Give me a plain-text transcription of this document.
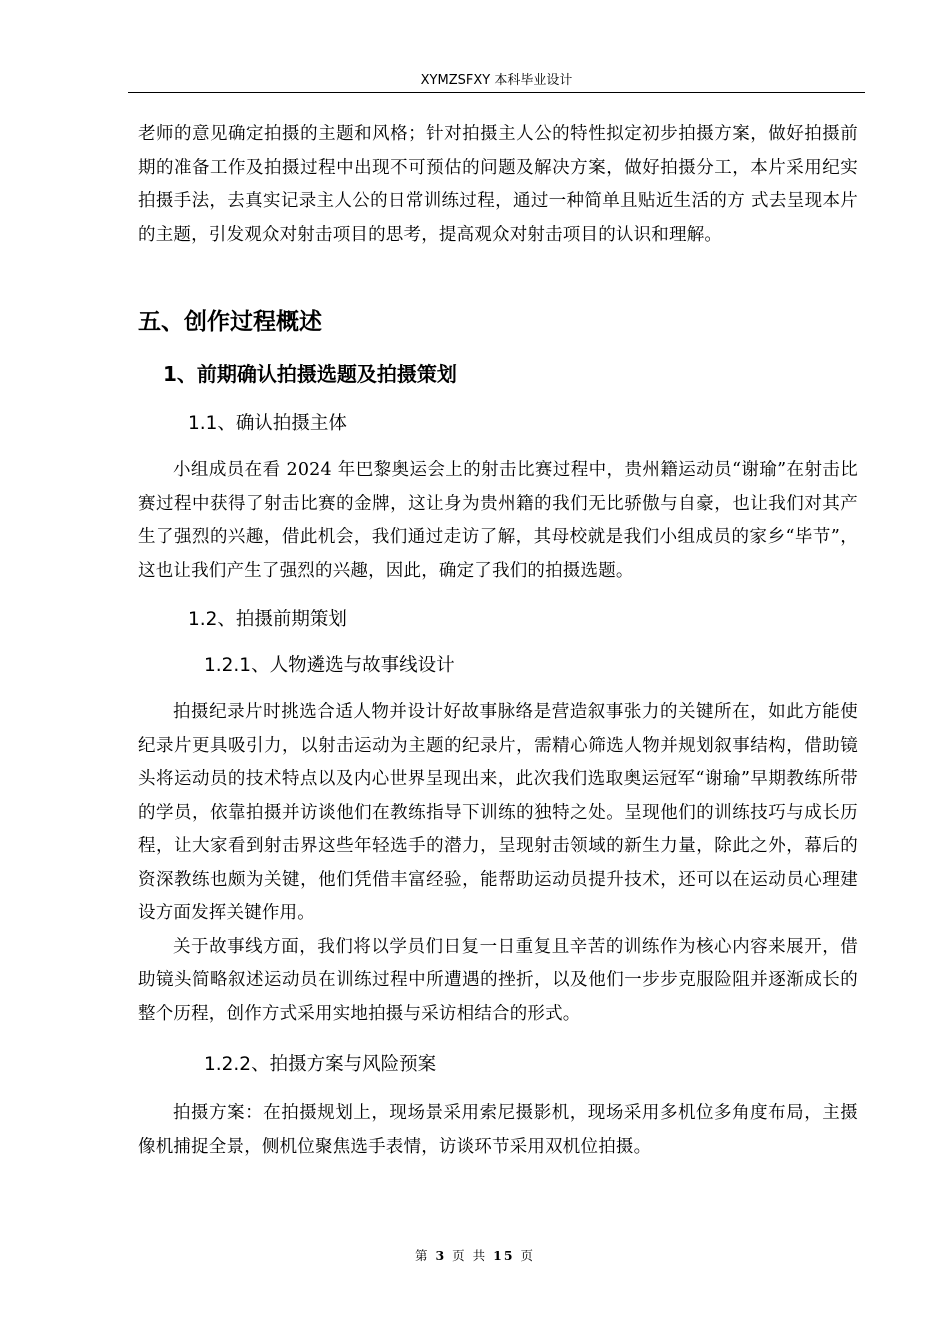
XYMZSFXY 本科毕业设计

老师的意见确定拍摄的主题和风格；针对拍摄主人公的特性拟定初步拍摄方案，做好拍摄前期的准备工作及拍摄过程中出现不可预估的问题及解决方案，做好拍摄分工，本片采用纪实拍摄手法，去真实记录主人公的日常训练过程，通过一种简单且贴近生活的方 式去呈现本片的主题，引发观众对射击项目的思考，提高观众对射击项目的认识和理解。

五、创作过程概述
1、前期确认拍摄选题及拍摄策划
1.1、确认拍摄主体

小组成员在看 2024 年巴黎奥运会上的射击比赛过程中，贵州籍运动员“谢瑜”在射击比赛过程中获得了射击比赛的金牌，这让身为贵州籍的我们无比骄傲与自豪，也让我们对其产生了强烈的兴趣，借此机会，我们通过走访了解，其母校就是我们小组成员的家乡“毕节”，这也让我们产生了强烈的兴趣，因此，确定了我们的拍摄选题。

1.2、拍摄前期策划
1.2.1、人物遴选与故事线设计

拍摄纪录片时挑选合适人物并设计好故事脉络是营造叙事张力的关键所在，如此方能使纪录片更具吸引力，以射击运动为主题的纪录片，需精心筛选人物并规划叙事结构，借助镜头将运动员的技术特点以及内心世界呈现出来，此次我们选取奥运冠军“谢瑜”早期教练所带的学员，依靠拍摄并访谈他们在教练指导下训练的独特之处。呈现他们的训练技巧与成长历程，让大家看到射击界这些年轻选手的潜力，呈现射击领域的新生力量，除此之外，幕后的资深教练也颇为关键，他们凭借丰富经验，能帮助运动员提升技术，还可以在运动员心理建设方面发挥关键作用。

关于故事线方面，我们将以学员们日复一日重复且辛苦的训练作为核心内容来展开，借助镜头简略叙述运动员在训练过程中所遭遇的挫折，以及他们一步步克服险阻并逐渐成长的整个历程，创作方式采用实地拍摄与采访相结合的形式。

1.2.2、拍摄方案与风险预案

拍摄方案：在拍摄规划上，现场景采用索尼摄影机，现场采用多机位多角度布局，主摄像机捕捉全景，侧机位聚焦选手表情，访谈环节采用双机位拍摄。

第 3 页 共 15 页
